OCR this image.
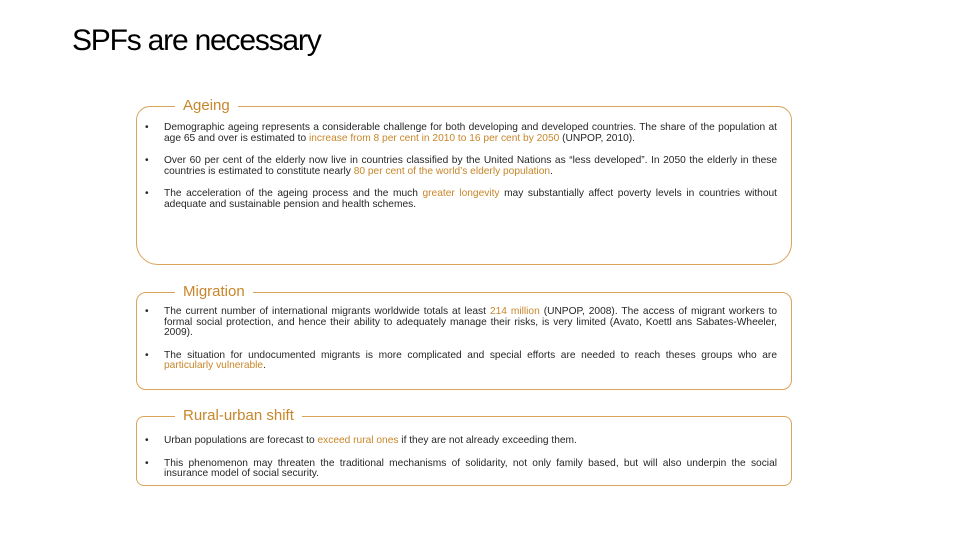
SPFs are necessary
Ageing
• Demographic ageing represents a considerable challenge for both developing and developed countries. The share of the population at age 65 and over is estimated to increase from 8 per cent in 2010 to 16 per cent by 2050 (UNPOP, 2010).
• Over 60 per cent of the elderly now live in countries classified by the United Nations as “less developed”. In 2050 the elderly in these countries is estimated to constitute nearly 80 per cent of the world’s elderly population.
• The acceleration of the ageing process and the much greater longevity may substantially affect poverty levels in countries without adequate and sustainable pension and health schemes.
Migration
• The current number of international migrants worldwide totals at least 214 million (UNPOP, 2008). The access of migrant workers to formal social protection, and hence their ability to adequately manage their risks, is very limited (Avato, Koettl ans Sabates-Wheeler, 2009).
• The situation for undocumented migrants is more complicated and special efforts are needed to reach theses groups who are particularly vulnerable.
Rural-urban shift
• Urban populations are forecast to exceed rural ones if they are not already exceeding them.
• This phenomenon may threaten the traditional mechanisms of solidarity, not only family based, but will also underpin the social insurance model of social security.
